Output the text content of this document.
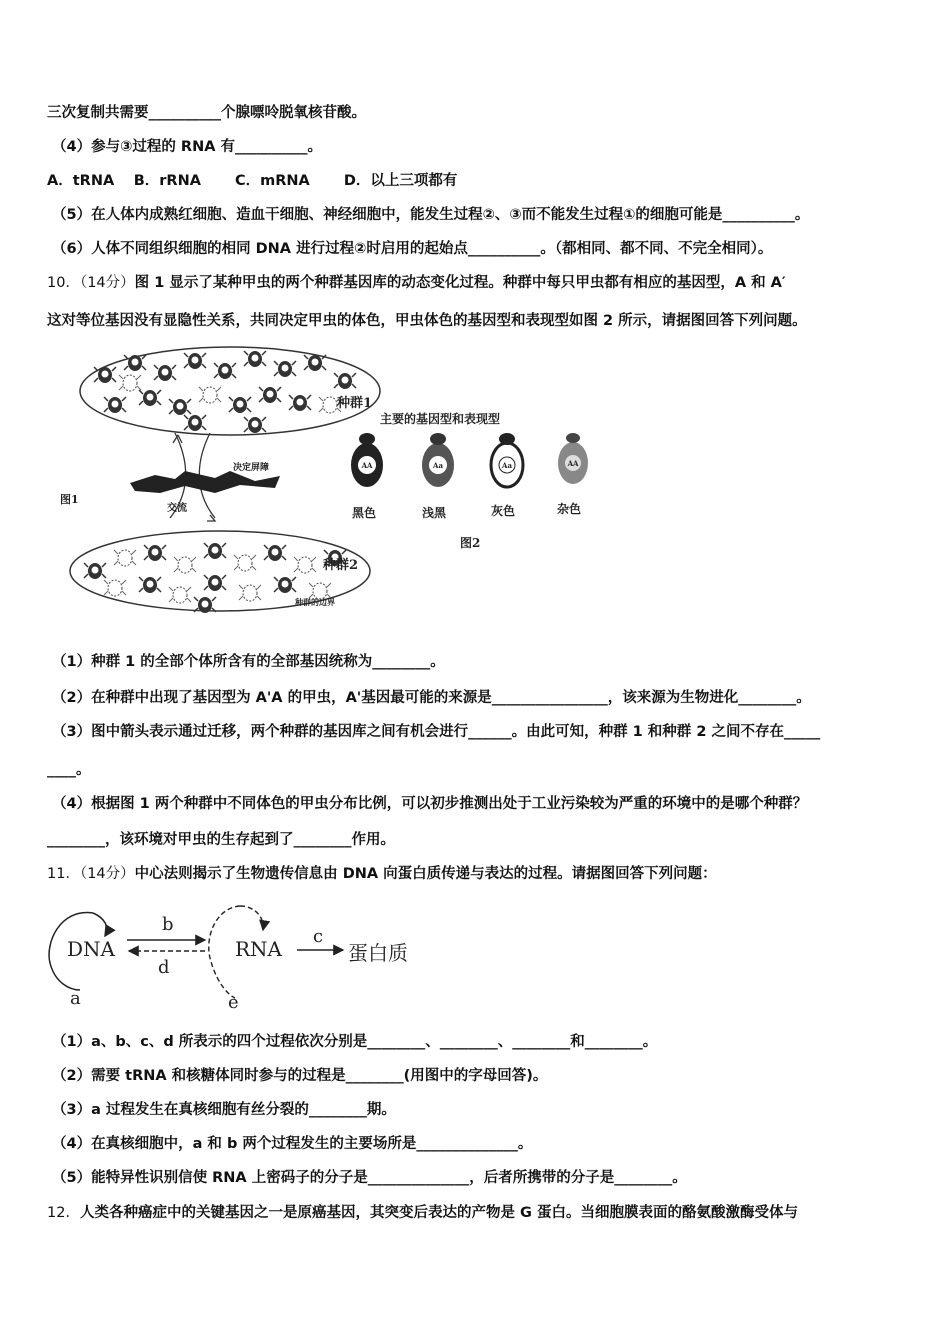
三次复制共需要__________个腺嘌呤脱氧核苷酸。
（4）参与③过程的 RNA 有__________。
A．tRNA　 B．rRNA　　 C．mRNA　　 D．以上三项都有
（5）在人体内成熟红细胞、造血干细胞、神经细胞中，能发生过程②、③而不能发生过程①的细胞可能是__________。
（6）人体不同组织细胞的相同 DNA 进行过程②时启用的起始点__________。（都相同、都不同、不完全相同）。
10．（14分）图 1 显示了某种甲虫的两个种群基因库的动态变化过程。种群中每只甲虫都有相应的基因型，A 和 A′
这对等位基因没有显隐性关系，共同决定甲虫的体色，甲虫体色的基因型和表现型如图 2 所示，请据图回答下列问题。
决定屏障
交流
图1
种群1
种群2
种群的边界
主要的基因型和表现型
AA	Aa	Aa	AA
黑色	浅黑	灰色	杂色
图2
（1）种群 1 的全部个体所含有的全部基因统称为________。
（2）在种群中出现了基因型为 A'A 的甲虫，A'基因最可能的来源是________________，该来源为生物进化________。
（3）图中箭头表示通过迁移，两个种群的基因库之间有机会进行______。由此可知，种群 1 和种群 2 之间不存在_____
____。
（4）根据图 1 两个种群中不同体色的甲虫分布比例，可以初步推测出处于工业污染较为严重的环境中的是哪个种群？
________，该环境对甲虫的生存起到了________作用。
11．（14分）中心法则揭示了生物遗传信息由 DNA 向蛋白质传递与表达的过程。请据图回答下列问题：
a
DNA
b
d
e
RNA
c
蛋白质
（1）a、b、c、d 所表示的四个过程依次分别是________、________、________和________。
（2）需要 tRNA 和核糖体同时参与的过程是________(用图中的字母回答)。
（3）a 过程发生在真核细胞有丝分裂的________期。
（4）在真核细胞中，a 和 b 两个过程发生的主要场所是______________。
（5）能特异性识别信使 RNA 上密码子的分子是______________，后者所携带的分子是________。
12．人类各种癌症中的关键基因之一是原癌基因，其突变后表达的产物是 G 蛋白。当细胞膜表面的酪氨酸激酶受体与
